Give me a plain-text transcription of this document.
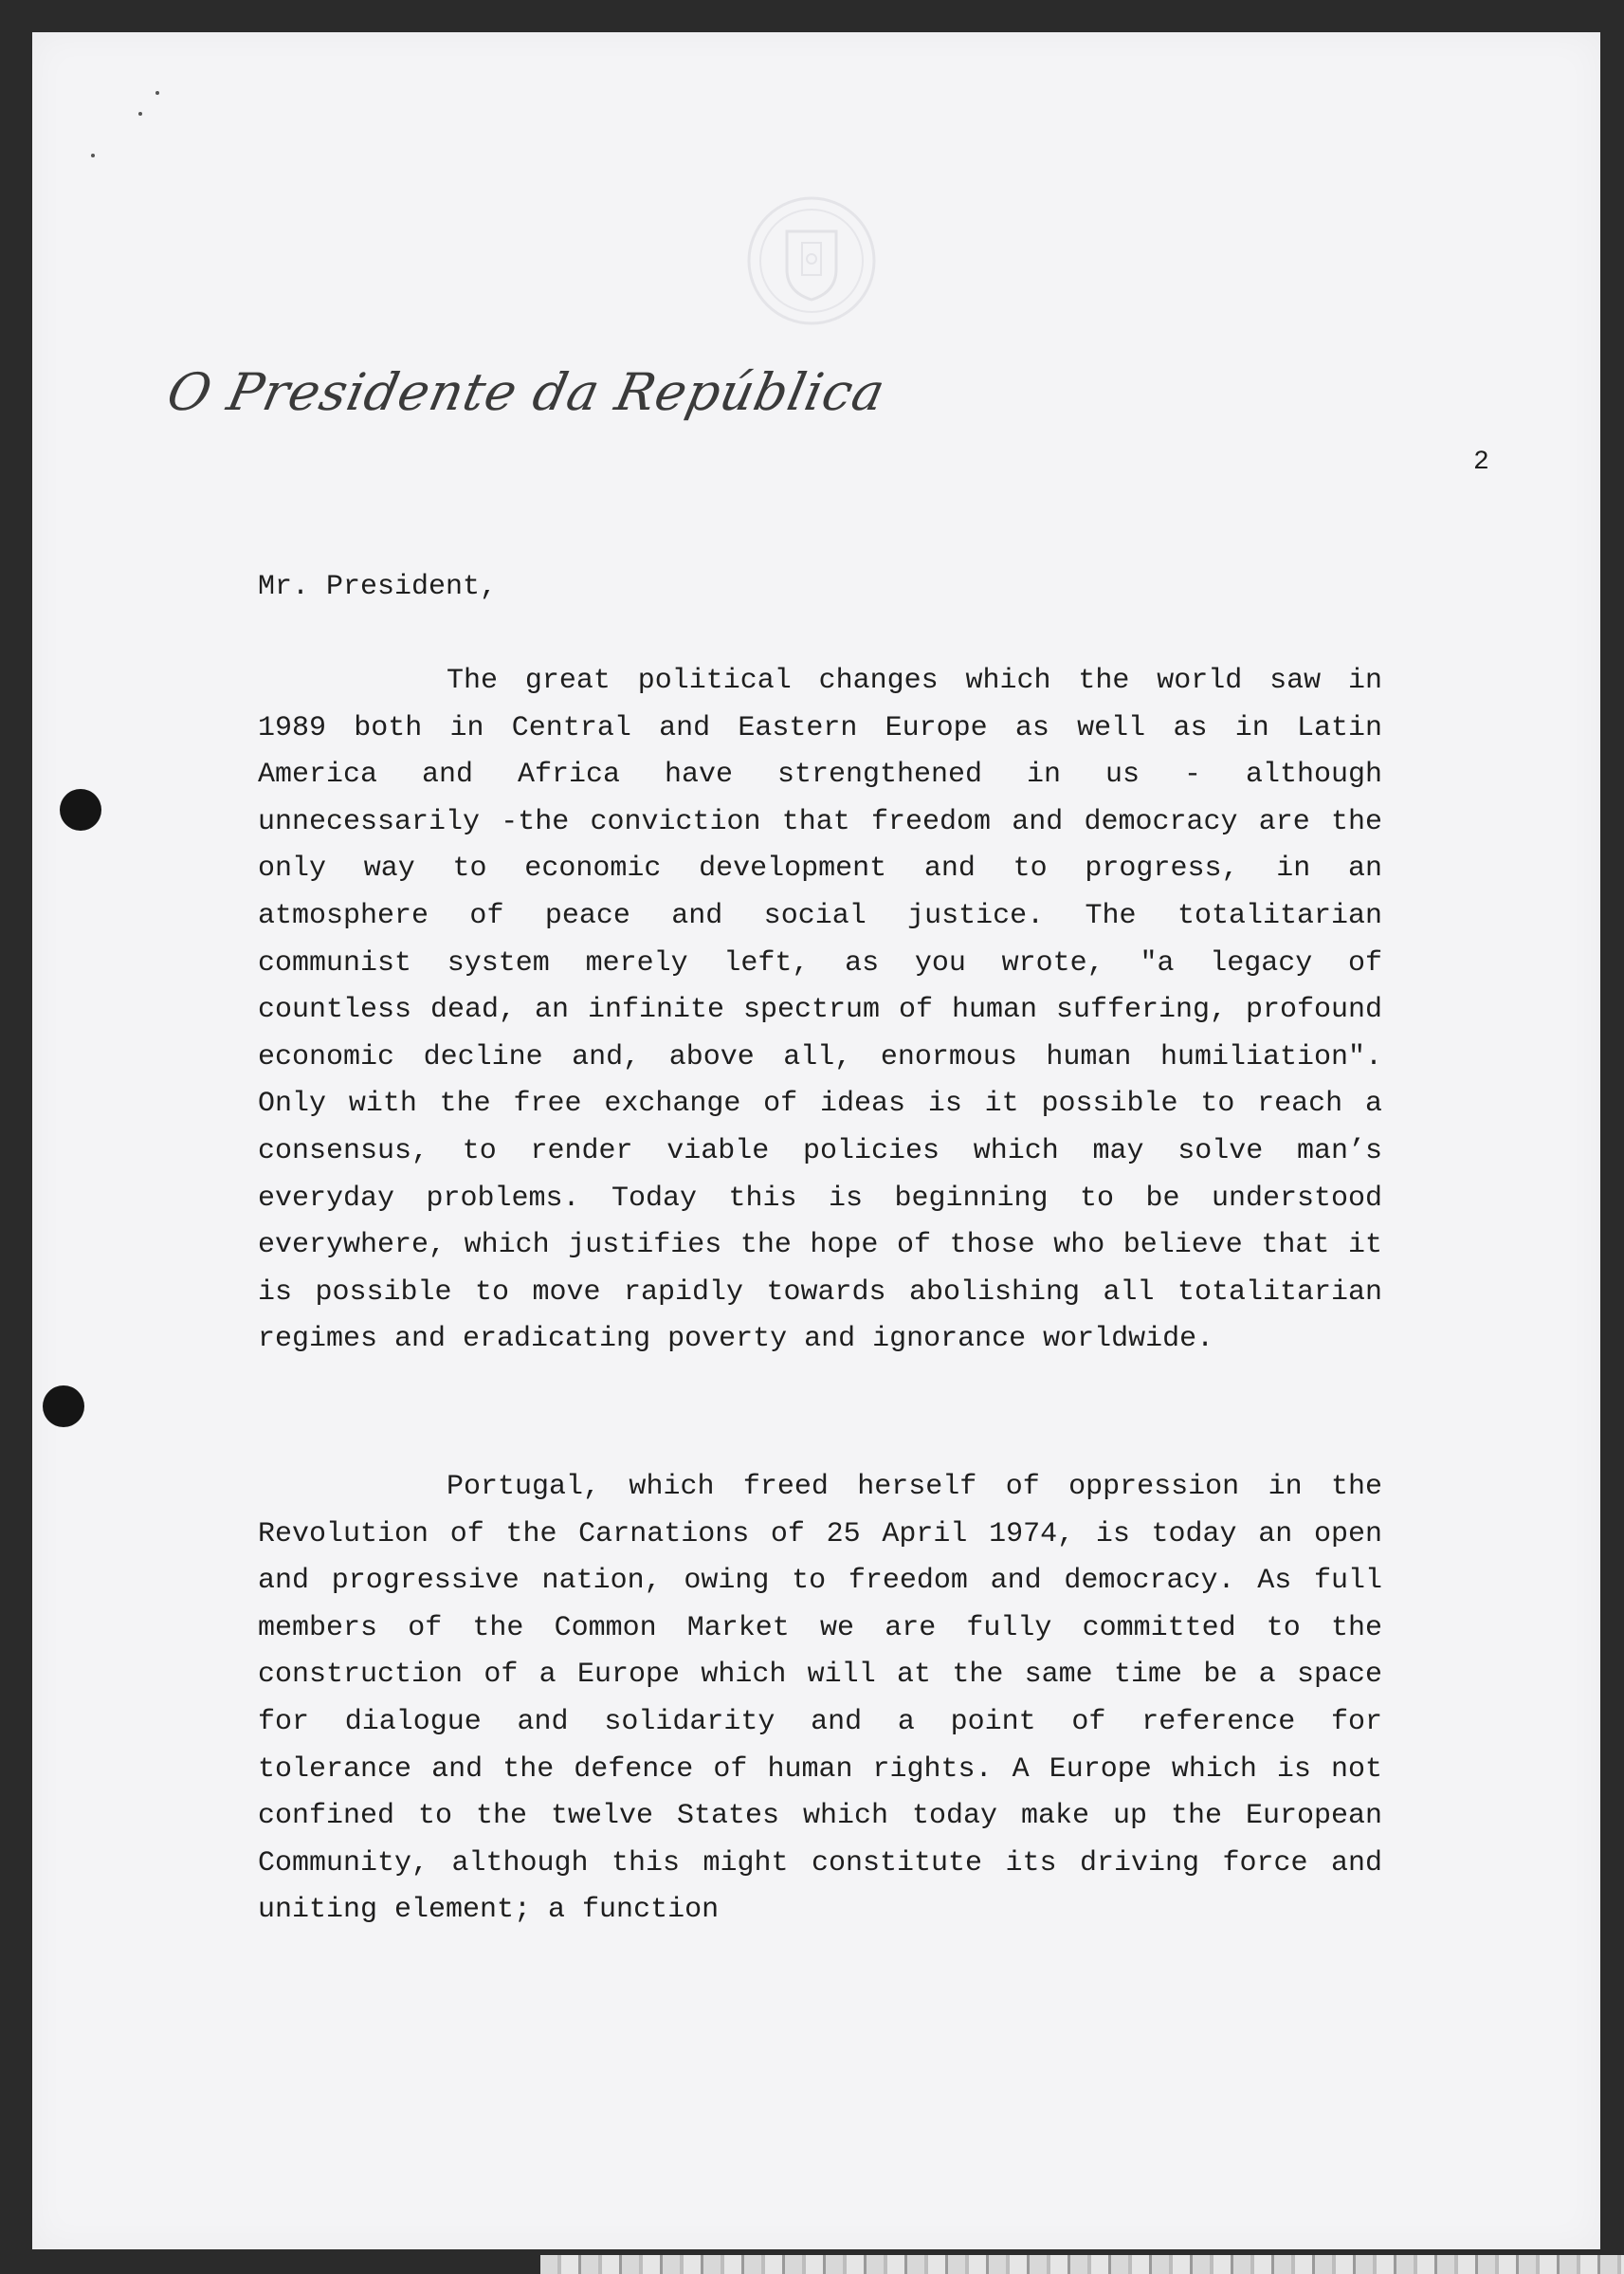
O Presidente da República
2
Mr. President,

The great political changes which the world saw in 1989 both in Central and Eastern Europe as well as in Latin America and Africa have strengthened in us - although unnecessarily -the conviction that freedom and democracy are the only way to economic development and to progress, in an atmosphere of peace and social justice. The totalitarian communist system merely left, as you wrote, "a legacy of countless dead, an infinite spectrum of human suffering, profound economic decline and, above all, enormous human humiliation". Only with the free exchange of ideas is it possible to reach a consensus, to render viable policies which may solve man’s everyday problems. Today this is beginning to be understood everywhere, which justifies the hope of those who believe that it is possible to move rapidly towards abolishing all totalitarian regimes and eradicating poverty and ignorance worldwide.

Portugal, which freed herself of oppression in the Revolution of the Carnations of 25 April 1974, is today an open and progressive nation, owing to freedom and democracy. As full members of the Common Market we are fully committed to the construction of a Europe which will at the same time be a space for dialogue and solidarity and a point of reference for tolerance and the defence of human rights. A Europe which is not confined to the twelve States which today make up the European Community, although this might constitute its driving force and uniting element; a function
